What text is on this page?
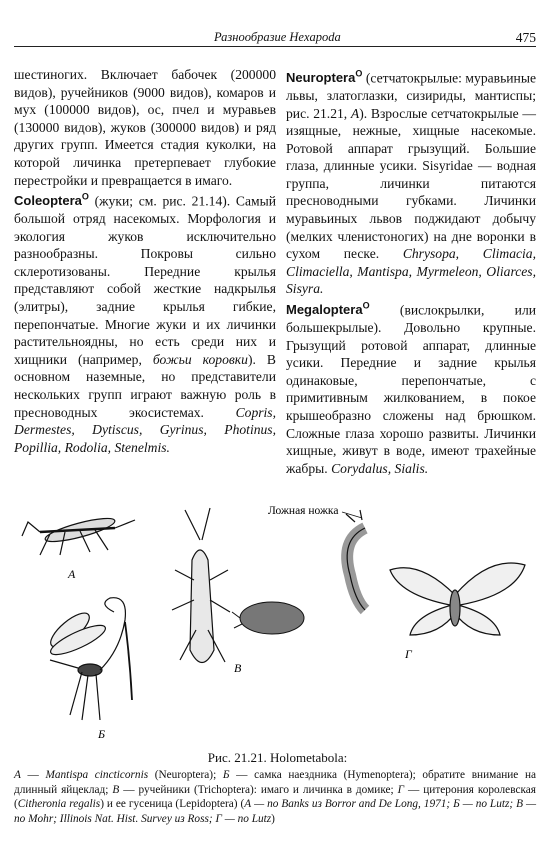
Разнообразие Hexapoda	475

шестиногих. Включает бабочек (200000 видов), ручейников (9000 видов), комаров и мух (100000 видов), ос, пчел и муравьев (130000 видов), жуков (300000 видов) и ряд других групп. Имеется стадия куколки, на которой личинка претерпевает глубокие перестройки и превращается в имаго.

Coleoptera$^O$ (жуки; см. рис. 21.14). Самый большой отряд насекомых. Морфология и экология жуков исключительно разнообразны. Покровы сильно склеротизованы. Передние крылья представляют собой жесткие надкрылья (элитры), задние крылья гибкие, перепончатые. Многие жуки и их личинки растительноядны, но есть среди них и хищники (например, божьи коровки). В основном наземные, но представители нескольких групп играют важную роль в пресноводных экосистемах. Copris, Dermestes, Dytiscus, Gyrinus, Photinus, Popillia, Rodolia, Stenelmis.

Neuroptera$^O$ (сетчатокрылые: муравьиные львы, златоглазки, сизириды, мантиспы; рис. 21.21, А). Взрослые сетчатокрылые — изящные, нежные, хищные насекомые. Ротовой аппарат грызущий. Большие глаза, длинные усики. Sisyridae — водная группа, личинки питаются пресноводными губками. Личинки муравьиных львов поджидают добычу (мелких членистоногих) на дне воронки в сухом песке. Chrysopa, Climacia, Climaciella, Mantispa, Myrmeleon, Oliarces, Sisyra.

Megaloptera$^O$ (вислокрылки, или большекрылые). Довольно крупные. Грызущий ротовой аппарат, длинные усики. Передние и задние крылья одинаковые, перепончатые, с примитивным жилкованием, в покое крышеобразно сложены над брюшком. Сложные глаза хорошо развиты. Личинки хищные, живут в воде, имеют трахейные жабры. Corydalus, Sialis.

А
Б
В
Ложная ножка
Г
Рис. 21.21. Holometabola:
А — Mantispa cincticornis (Neuroptera); Б — самка наездника (Hymenoptera); обратите внимание на длинный яйцеклад; В — ручейники (Trichoptera): имаго и личинка в домике; Г — цитерония королевская (Citheronia regalis) и ее гусеница (Lepidoptera) (А — по Banks из Borror and De Long, 1971; Б — по Lutz; В — по Mohr; Illinois Nat. Hist. Survey из Ross; Г — по Lutz)
